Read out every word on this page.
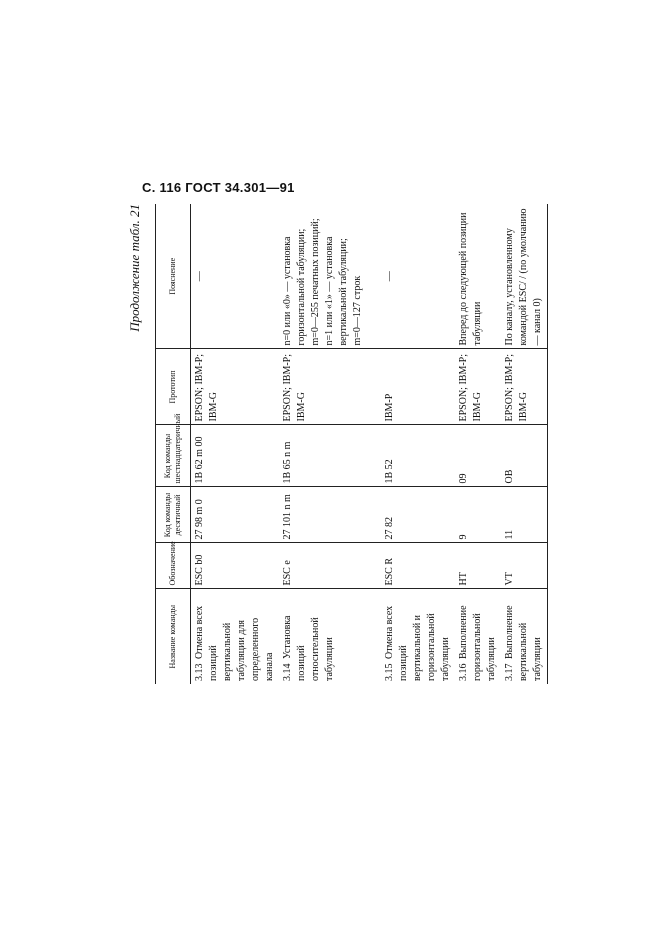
С. 116 ГОСТ 34.301—91
Продолжение табл. 21
Название команды	Обозначение	Код команды десятичный	Код команды шестнадцатеричный	Прототип	Пояснение
3.13Отмена всех позиций вертикальной табуляции для определенного канала	ESC b0	27 98 m 0	1B 62 m 00	EPSON; IBM-P; IBM-G	—
3.14Установка позиций относительной табуляции	ESC e	27 101 n m	1B 65 n m	EPSON; IBM-P; IBM-G	n=0 или «0» — установка горизонтальной табуляции;
m=0—255 печатных позиций;
n=1 или «1» — установка вертикальной табуляции;
m=0—127 строк

3.15Отмена всех позиций вертикальной и горизонтальной табуляции	ESC R	27 82	1B 52	IBM-P	—
3.16Выполнение горизонтальной табуляции	HT	9	09	EPSON; IBM-P; IBM-G	Вперед до следующей позиции табуляции
3.17Выполнение вертикальной табуляции	VT	11	OB	EPSON; IBM-P; IBM-G	По каналу, установленному командой ESC/ / (по умолчанию — канал 0)
